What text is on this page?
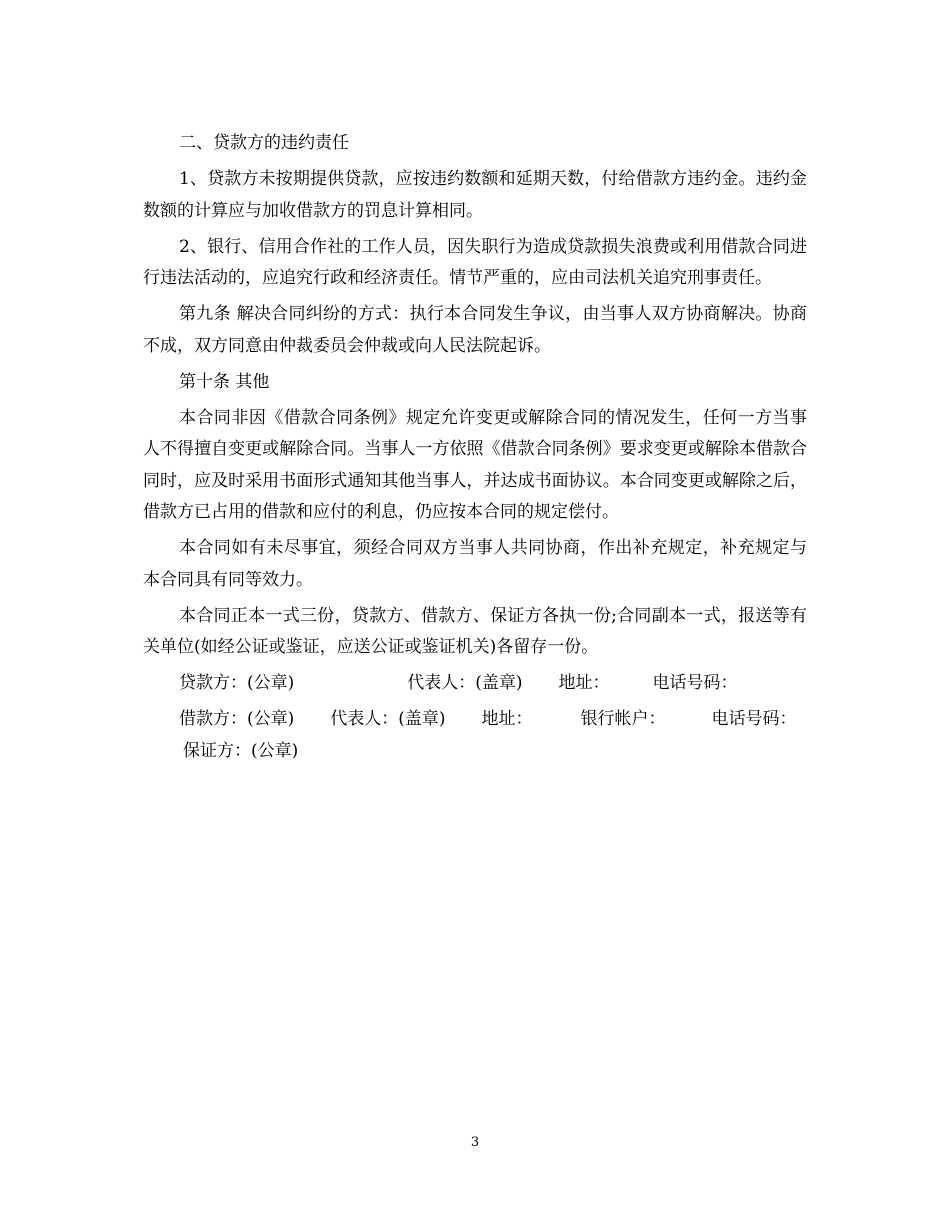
二、贷款方的违约责任

1、贷款方未按期提供贷款，应按违约数额和延期天数，付给借款方违约金。违约金数额的计算应与加收借款方的罚息计算相同。

2、银行、信用合作社的工作人员，因失职行为造成贷款损失浪费或利用借款合同进行违法活动的，应追究行政和经济责任。情节严重的，应由司法机关追究刑事责任。

第九条 解决合同纠纷的方式：执行本合同发生争议，由当事人双方协商解决。协商不成，双方同意由仲裁委员会仲裁或向人民法院起诉。

第十条 其他

本合同非因《借款合同条例》规定允许变更或解除合同的情况发生，任何一方当事人不得擅自变更或解除合同。当事人一方依照《借款合同条例》要求变更或解除本借款合同时，应及时采用书面形式通知其他当事人，并达成书面协议。本合同变更或解除之后，借款方已占用的借款和应付的利息，仍应按本合同的规定偿付。

本合同如有未尽事宜，须经合同双方当事人共同协商，作出补充规定，补充规定与本合同具有同等效力。

本合同正本一式三份，贷款方、借款方、保证方各执一份;合同副本一式，报送等有关单位(如经公证或鉴证，应送公证或鉴证机关)各留存一份。

贷款方：(公章)	代表人：(盖章) 地址：	电话号码：

借款方：(公章) 代表人：(盖章) 地址：	银行帐户：	电话号码：保证方：(公章)

3
